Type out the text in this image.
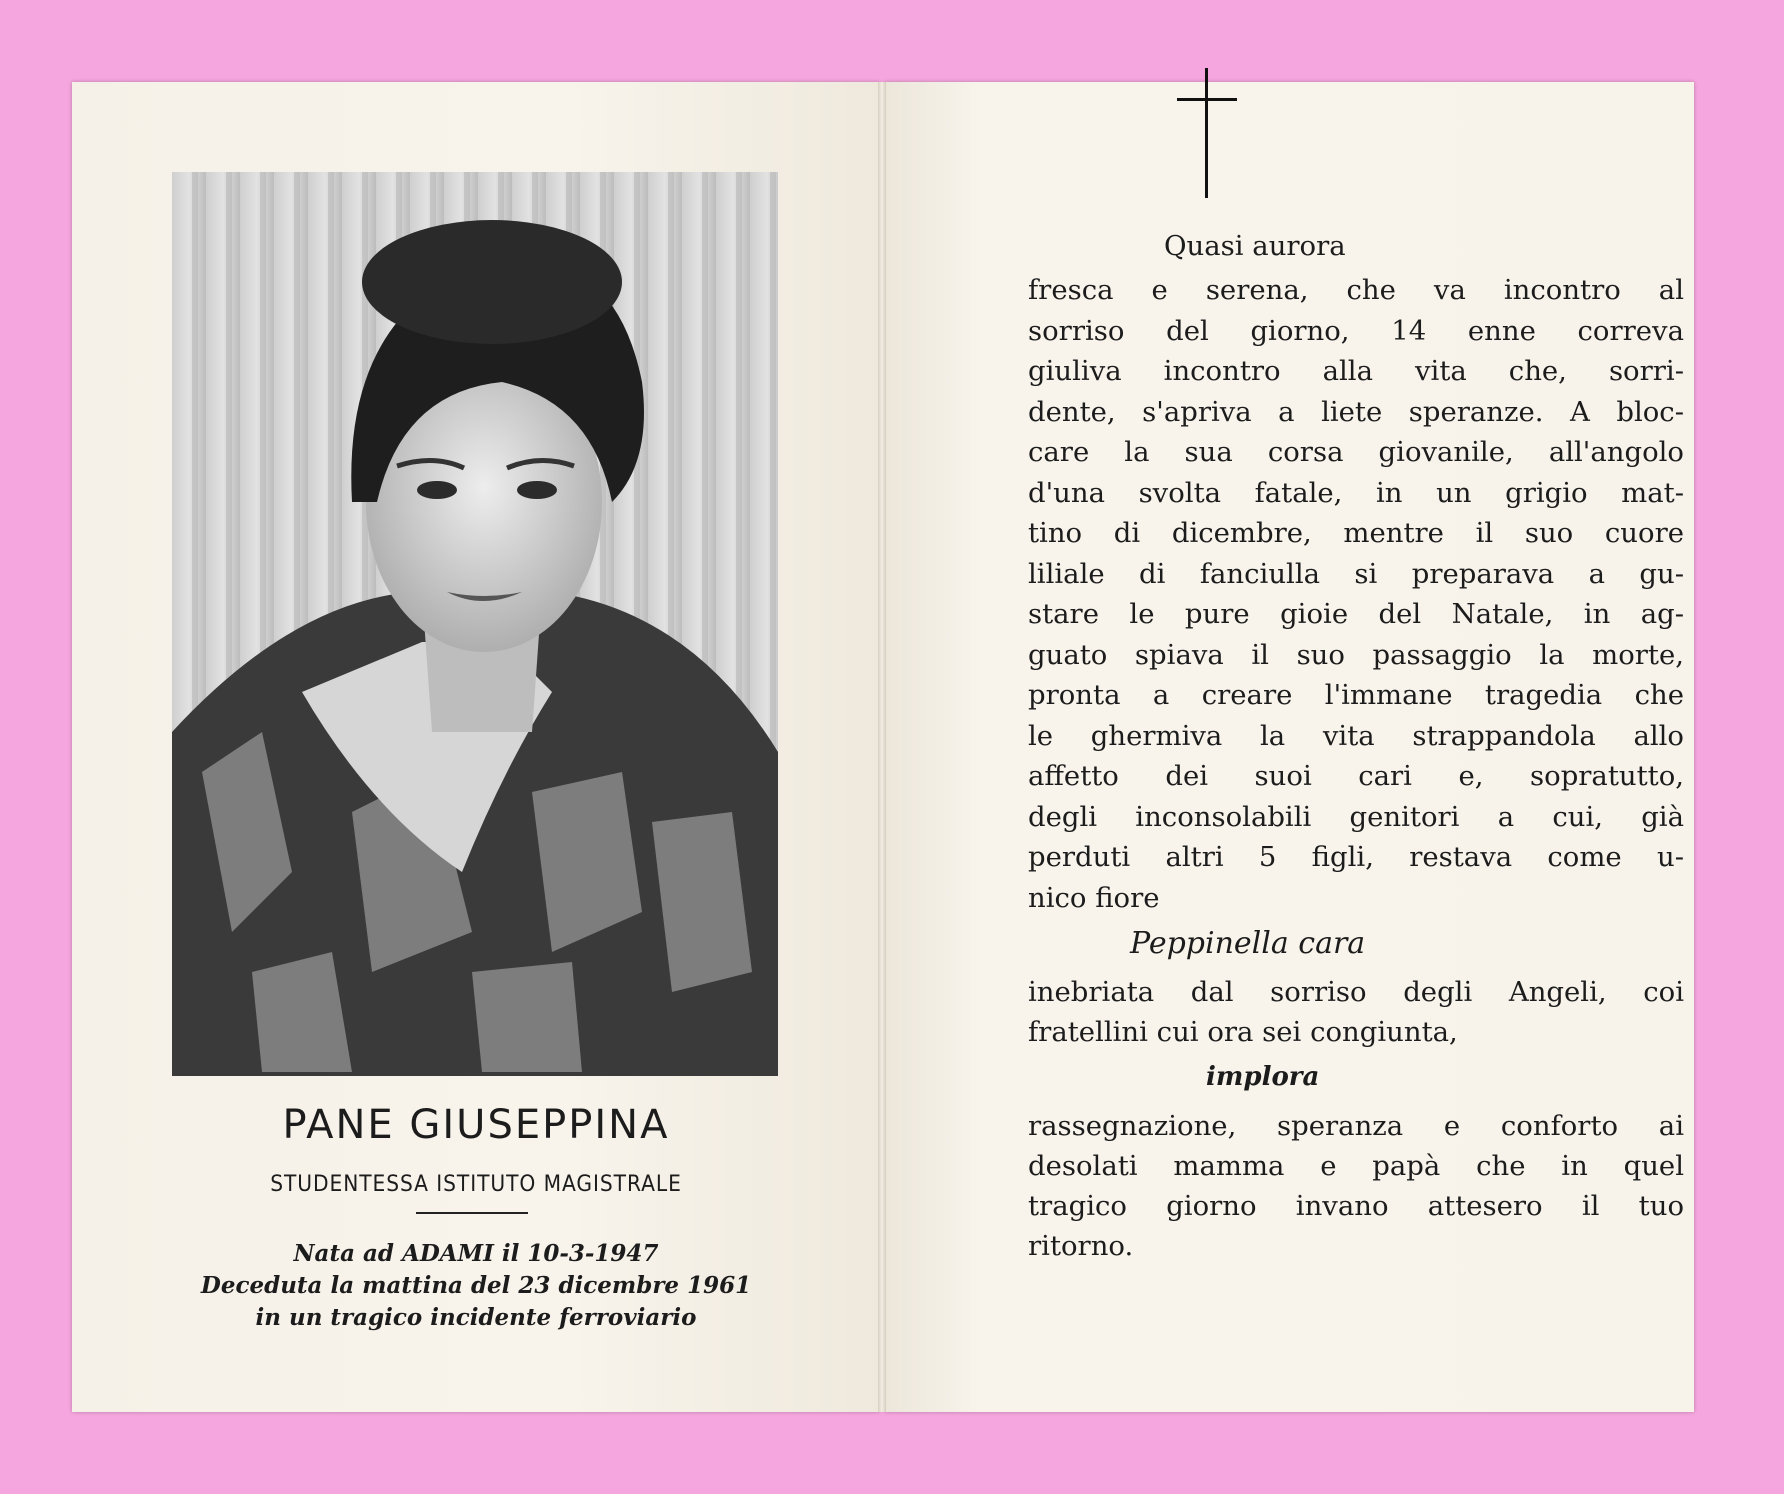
PANE GIUSEPPINA
STUDENTESSA ISTITUTO MAGISTRALE
Nata ad ADAMI il 10-3-1947
Deceduta la mattina del 23 dicembre 1961
in un tragico incidente ferroviario
Quasi aurora
fresca e serena, che va incontro al
sorriso del giorno, 14 enne correva
giuliva incontro alla vita che, sorri-
dente, s'apriva a liete speranze. A bloc-
care la sua corsa giovanile, all'angolo
d'una svolta fatale, in un grigio mat-
tino di dicembre, mentre il suo cuore
liliale di fanciulla si preparava a gu-
stare le pure gioie del Natale, in ag-
guato spiava il suo passaggio la morte,
pronta a creare l'immane tragedia che
le ghermiva la vita strappandola allo
affetto dei suoi cari e, sopratutto,
degli inconsolabili genitori a cui, già
perduti altri 5 figli, restava come u-
nico fiore
Peppinella cara
inebriata dal sorriso degli Angeli, coi
fratellini cui ora sei congiunta,
implora
rassegnazione, speranza e conforto ai
desolati mamma e papà che in quel
tragico giorno invano attesero il tuo
ritorno.
